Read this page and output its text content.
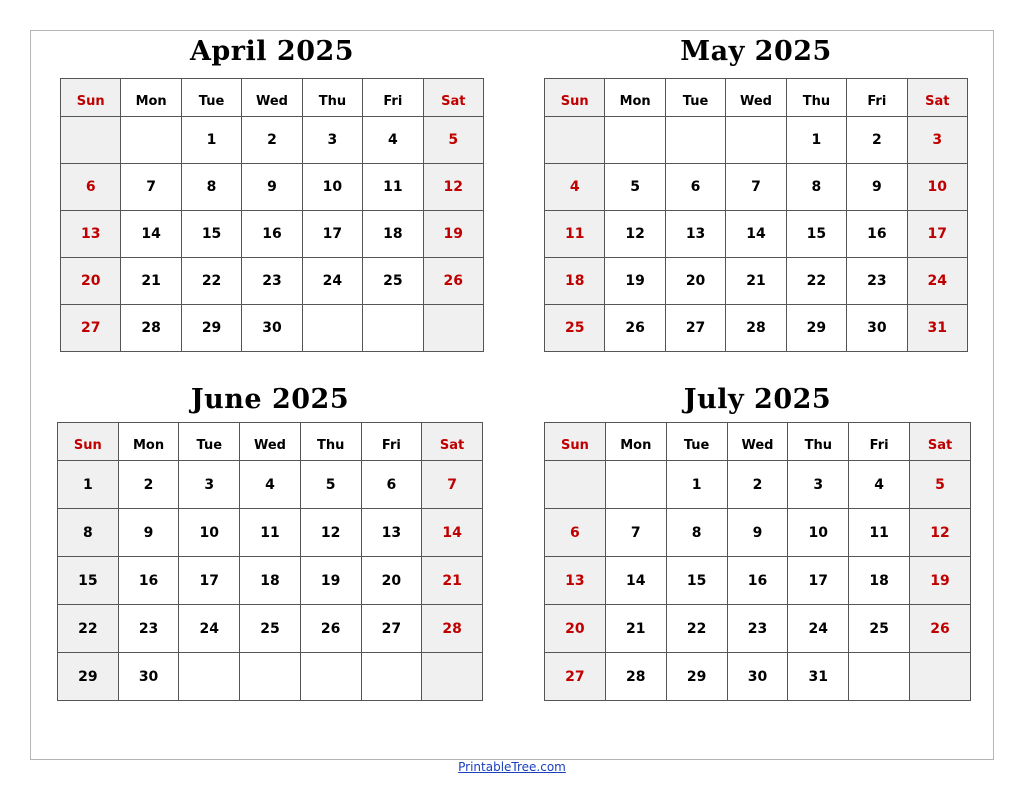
April 2025
Sun	Mon	Tue	Wed	Thu	Fri	Sat
		1	2	3	4	5
6	7	8	9	10	11	12
13	14	15	16	17	18	19
20	21	22	23	24	25	26
27	28	29	30			
May 2025
Sun	Mon	Tue	Wed	Thu	Fri	Sat
				1	2	3
4	5	6	7	8	9	10
11	12	13	14	15	16	17
18	19	20	21	22	23	24
25	26	27	28	29	30	31
June 2025
Sun	Mon	Tue	Wed	Thu	Fri	Sat
1	2	3	4	5	6	7
8	9	10	11	12	13	14
15	16	17	18	19	20	21
22	23	24	25	26	27	28
29	30					
July 2025
Sun	Mon	Tue	Wed	Thu	Fri	Sat
		1	2	3	4	5
6	7	8	9	10	11	12
13	14	15	16	17	18	19
20	21	22	23	24	25	26
27	28	29	30	31		
PrintableTree.com
